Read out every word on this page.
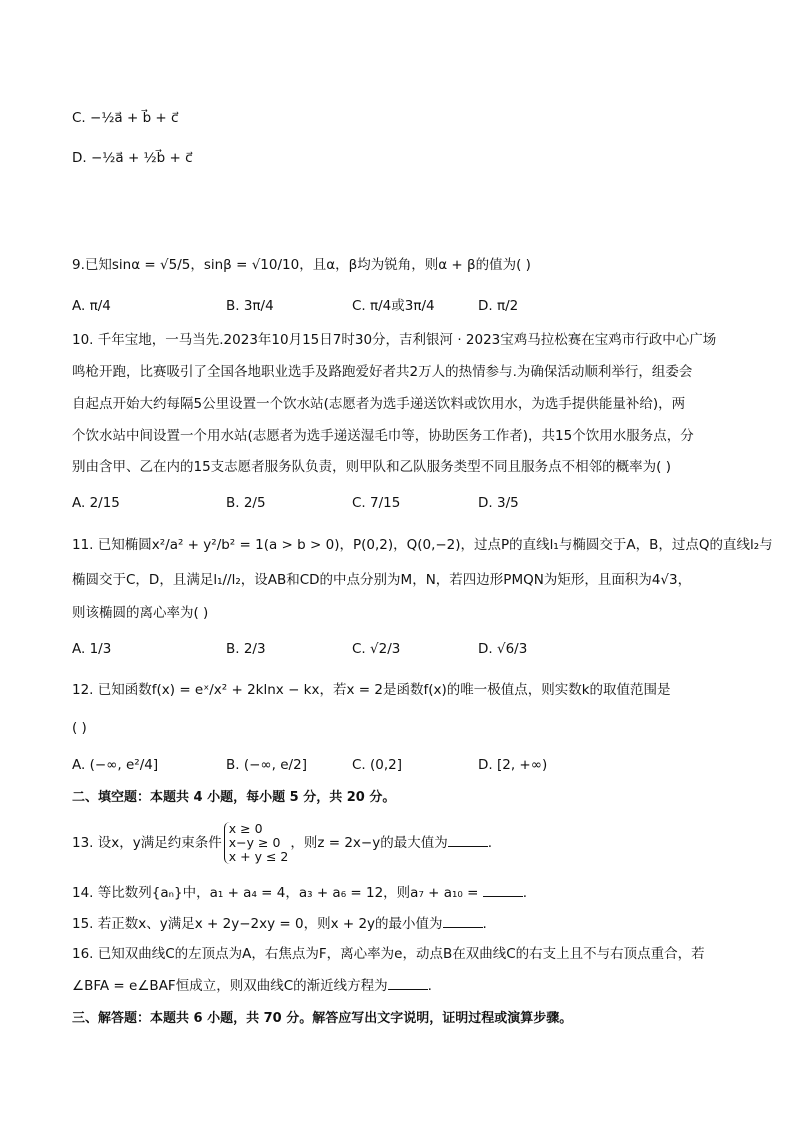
C. −½a⃗ + b⃗ + c⃗
D. −½a⃗ + ½b⃗ + c⃗
9.已知sinα = √5/5，sinβ = √10/10，且α，β均为锐角，则α + β的值为( )
A. π/4	B. 3π/4	C. π/4或3π/4	D. π/2
10. 千年宝地，一马当先.2023年10月15日7时30分，吉利银河 · 2023宝鸡马拉松赛在宝鸡市行政中心广场
鸣枪开跑，比赛吸引了全国各地职业选手及路跑爱好者共2万人的热情参与.为确保活动顺利举行，组委会
自起点开始大约每隔5公里设置一个饮水站(志愿者为选手递送饮料或饮用水，为选手提供能量补给)，两
个饮水站中间设置一个用水站(志愿者为选手递送湿毛巾等，协助医务工作者)，共15个饮用水服务点，分
别由含甲、乙在内的15支志愿者服务队负责，则甲队和乙队服务类型不同且服务点不相邻的概率为( )
A. 2/15	B. 2/5	C. 7/15	D. 3/5
11. 已知椭圆x²/a² + y²/b² = 1(a > b > 0)，P(0,2)，Q(0,−2)，过点P的直线l₁与椭圆交于A，B，过点Q的直线l₂与
椭圆交于C，D，且满足l₁//l₂，设AB和CD的中点分别为M，N，若四边形PMQN为矩形，且面积为4√3，
则该椭圆的离心率为( )
A. 1/3	B. 2/3	C. √2/3	D. √6/3
12. 已知函数f(x) = eˣ/x² + 2klnx − kx，若x = 2是函数f(x)的唯一极值点，则实数k的取值范围是
( )
A. (−∞, e²/4]	B. (−∞, e/2]	C. (0,2]	D. [2, +∞)
二、填空题：本题共 4 小题，每小题 5 分，共 20 分。
13. 设x，y满足约束条件
x ≥ 0
x−y ≥ 0
x + y ≤ 2
，则z = 2x−y的最大值为	.
14. 等比数列{aₙ}中，a₁ + a₄ = 4，a₃ + a₆ = 12，则a₇ + a₁₀ =	.
15. 若正数x、y满足x + 2y−2xy = 0，则x + 2y的最小值为	.
16. 已知双曲线C的左顶点为A，右焦点为F，离心率为e，动点B在双曲线C的右支上且不与右顶点重合，若
∠BFA = e∠BAF恒成立，则双曲线C的渐近线方程为	.
三、解答题：本题共 6 小题，共 70 分。解答应写出文字说明，证明过程或演算步骤。
